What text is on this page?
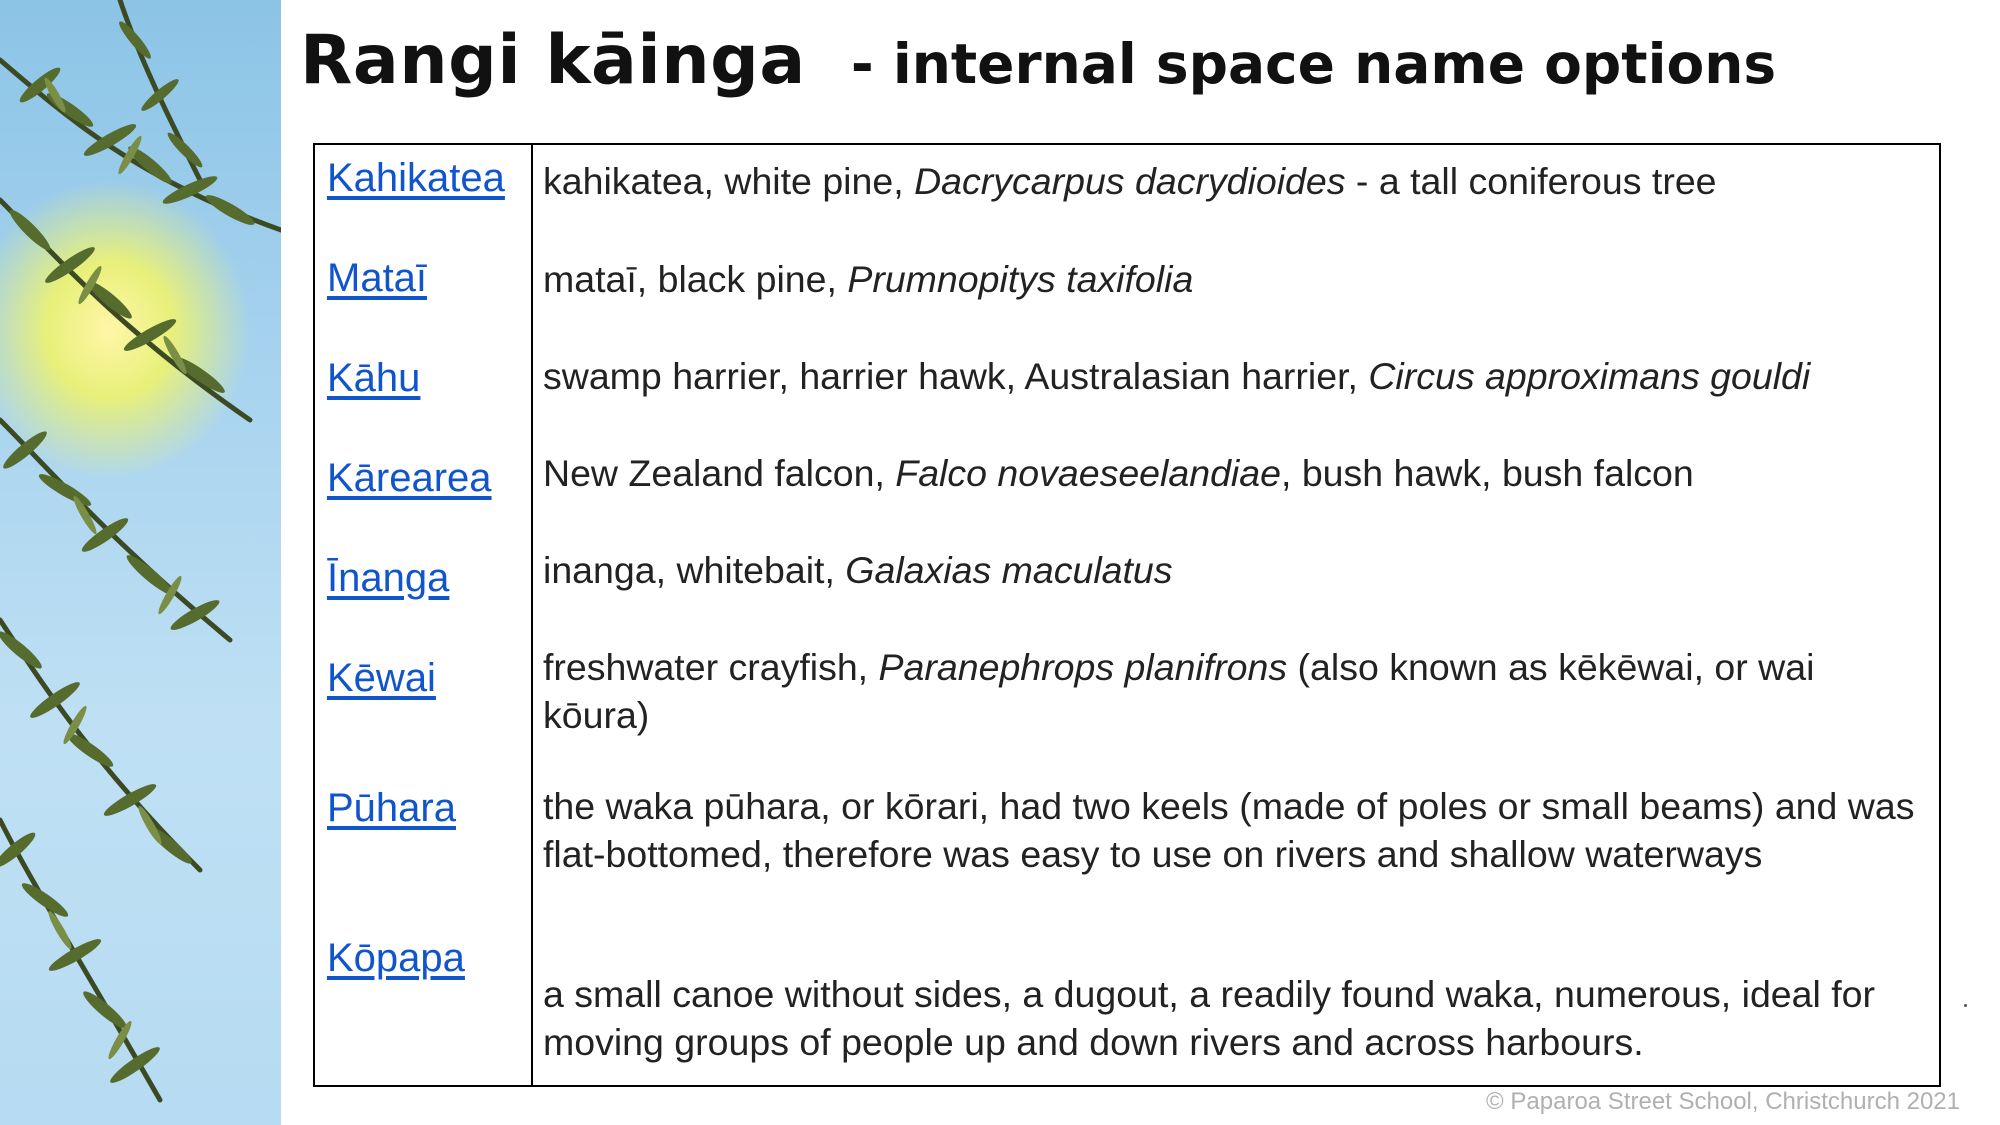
Rangi kāinga - internal space name options
Kahikatea
Mataī
Kāhu
Kārearea
Īnanga
Kēwai
Pūhara
Kōpapa
kahikatea, white pine, Dacrycarpus dacrydioides - a tall coniferous tree
mataī, black pine, Prumnopitys taxifolia
swamp harrier, harrier hawk, Australasian harrier, Circus approximans gouldi
New Zealand falcon, Falco novaeseelandiae, bush hawk, bush falcon
inanga, whitebait, Galaxias maculatus
freshwater crayfish, Paranephrops planifrons (also known as kēkēwai, or wai kōura)
the waka pūhara, or kōrari, had two keels (made of poles or small beams) and was flat-bottomed, therefore was easy to use on rivers and shallow waterways
a small canoe without sides, a dugout, a readily found waka, numerous, ideal for moving groups of people up and down rivers and across harbours.
© Paparoa Street School, Christchurch 2021
